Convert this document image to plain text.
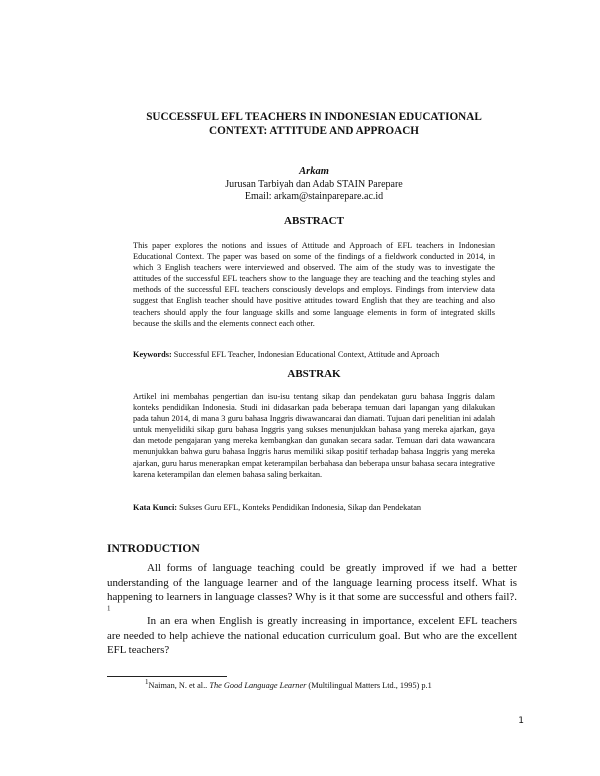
SUCCESSFUL EFL TEACHERS IN INDONESIAN EDUCATIONAL
CONTEXT: ATTITUDE AND APPROACH
Arkam
Jurusan Tarbiyah dan Adab STAIN Parepare
Email: arkam@stainparepare.ac.id
ABSTRACT
This paper explores the notions and issues of Attitude and Approach of EFL teachers in Indonesian Educational Context. The paper was based on some of the findings of a fieldwork conducted in 2014, in which 3 English teachers were interviewed and observed. The aim of the study was to investigate the attitudes of the successful EFL teachers show to the language they are teaching and the teaching styles and methods of the successful EFL teachers consciously develops and employs. Findings from interview data suggest that English teacher should have positive attitudes toward English that they are teaching and also teachers should apply the four language skills and some language elements in form of integrated skills because the skills and the elements connect each other.
Keywords: Successful EFL Teacher, Indonesian Educational Context, Attitude and Aproach
ABSTRAK
Artikel ini membahas pengertian dan isu-isu tentang sikap dan pendekatan guru bahasa Inggris dalam konteks pendidikan Indonesia. Studi ini didasarkan pada beberapa temuan dari lapangan yang dilakukan pada tahun 2014, di mana 3 guru bahasa Inggris diwawancarai dan diamati. Tujuan dari penelitian ini adalah untuk menyelidiki sikap guru bahasa Inggris yang sukses menunjukkan bahasa yang mereka ajarkan, gaya dan metode pengajaran yang mereka kembangkan dan gunakan secara sadar. Temuan dari data wawancara menunjukkan bahwa guru bahasa Inggris harus memiliki sikap positif terhadap bahasa Inggris yang mereka ajarkan, guru harus menerapkan empat keterampilan berbahasa dan beberapa unsur bahasa secara integrative karena keterampilan dan elemen bahasa saling berkaitan.
Kata Kunci: Sukses Guru EFL, Konteks Pendidikan Indonesia, Sikap dan Pendekatan
INTRODUCTION
All forms of language teaching could be greatly improved if we had a better understanding of the language learner and of the language learning process itself. What is happening to learners in language classes? Why is it that some are successful and others fail?. $^1$
In an era when English is greatly increasing in importance, excelent EFL teachers are needed to help achieve the national education curriculum goal. But who are the excellent EFL teachers?
$^1$Naiman, N. et al.. The Good Language Learner (Multilingual Matters Ltd., 1995) p.1
1
